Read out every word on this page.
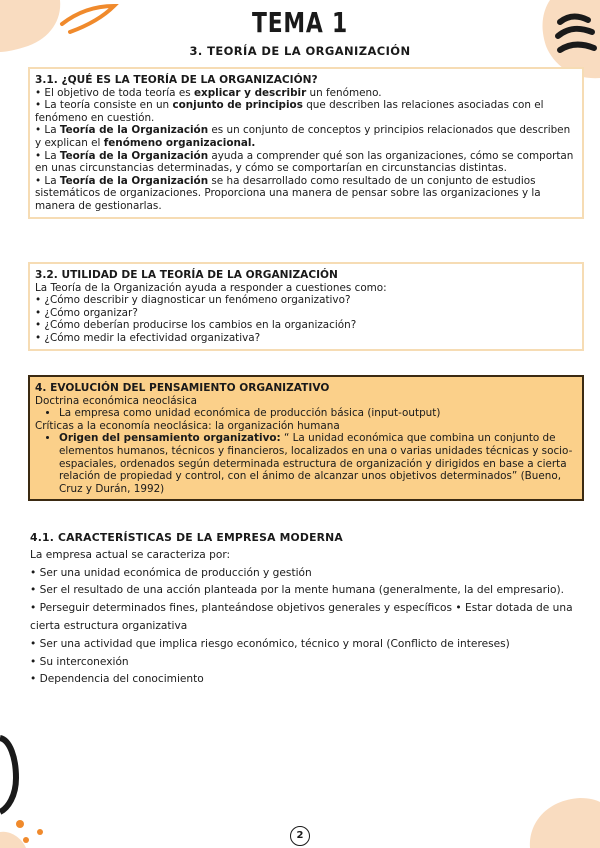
TEMA 1
3. TEORÍA DE LA ORGANIZACIÓN
3.1. ¿QUÉ ES LA TEORÍA DE LA ORGANIZACIÓN?

• El objetivo de toda teoría es explicar y describir un fenómeno.

• La teoría consiste en un conjunto de principios que describen las relaciones asociadas con el fenómeno en cuestión.

• La Teoría de la Organización es un conjunto de conceptos y principios relacionados que describen y explican el fenómeno organizacional.

• La Teoría de la Organización ayuda a comprender qué son las organizaciones, cómo se comportan en unas circunstancias determinadas, y cómo se comportarían en circunstancias distintas.

• La Teoría de la Organización se ha desarrollado como resultado de un conjunto de estudios sistemáticos de organizaciones. Proporciona una manera de pensar sobre las organizaciones y la manera de gestionarlas.

3.2. UTILIDAD DE LA TEORÍA DE LA ORGANIZACIÓN

La Teoría de la Organización ayuda a responder a cuestiones como:

• ¿Cómo describir y diagnosticar un fenómeno organizativo?

• ¿Cómo organizar?

• ¿Cómo deberían producirse los cambios en la organización?

• ¿Cómo medir la efectividad organizativa?

4. EVOLUCIÓN DEL PENSAMIENTO ORGANIZATIVO

Doctrina económica neoclásica

• La empresa como unidad económica de producción básica (input-output)

Críticas a la economía neoclásica: la organización humana

• Origen del pensamiento organizativo: “ La unidad económica que combina un conjunto de elementos humanos, técnicos y financieros, localizados en una o varias unidades técnicas y socio-espaciales, ordenados según determinada estructura de organización y dirigidos en base a cierta relación de propiedad y control, con el ánimo de alcanzar unos objetivos determinados” (Bueno, Cruz y Durán, 1992)
4.1. CARACTERÍSTICAS DE LA EMPRESA MODERNA

La empresa actual se caracteriza por:

• Ser una unidad económica de producción y gestión

• Ser el resultado de una acción planteada por la mente humana (generalmente, la del empresario).

• Perseguir determinados fines, planteándose objetivos generales y específicos • Estar dotada de una cierta estructura organizativa

• Ser una actividad que implica riesgo económico, técnico y moral (Conflicto de intereses)

• Su interconexión

• Dependencia del conocimiento

2
